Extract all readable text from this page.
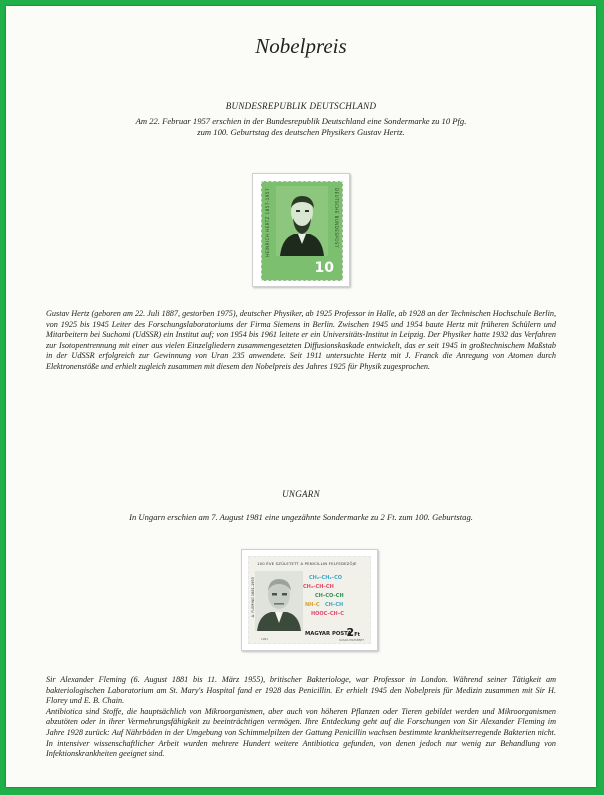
Nobelpreis
BUNDESREPUBLIK DEUTSCHLAND
Am 22. Februar 1957 erschien in der Bundesrepublik Deutschland eine Sondermarke zu 10 Pfg.
zum 100. Geburtstag des deutschen Physikers Gustav Hertz.
HEINRICH HERTZ 1857-1957	DEUTSCHE BUNDESPOST
10
Gustav Hertz (geboren am 22. Juli 1887, gestorben 1975), deutscher Physiker, ab 1925 Professor in Halle, ab 1928 an der Technischen Hochschule Berlin, von 1925 bis 1945 Leiter des Forschungslaboratoriums der Firma Siemens in Berlin. Zwischen 1945 und 1954 baute Hertz mit früheren Schülern und Mitarbeitern bei Suchomi (UdSSR) ein Institut auf; von 1954 bis 1961 leitete er ein Universitäts-Institut in Leipzig. Der Physiker hatte 1932 das Verfahren zur Isotopentrennung mit einer aus vielen Einzelgliedern zusammengesetzten Diffusionskaskade entwickelt, das er seit 1945 in großtechnischem Maßstab in der UdSSR erfolgreich zur Gewinnung von Uran 235 anwendete. Seit 1911 untersuchte Hertz mit J. Franck die Anregung von Atomen durch Elektronenstöße und erhielt zugleich zusammen mit diesem den Nobelpreis des Jahres 1925 für Physik zugesprochen.
UNGARN
In Ungarn erschien am 7. August 1981 eine ungezähnte Sondermarke zu 2 Ft. zum 100. Geburtstag.
100 ÉVE SZÜLETETT A PENICILLIN FELFEDEZŐJE
A. FLEMING 1881-1955	CH₂–CH₂–CO
CH₃–CH–CH
CH–CO–CH
NH–C CH–CH
HOOC–CH–C
MAGYAR POSTA
2Ft
1981	KASZA ERZSÉBET
Sir Alexander Fleming (6. August 1881 bis 11. März 1955), britischer Bakteriologe, war Professor in London. Während seiner Tätigkeit am bakteriologischen Laboratorium am St. Mary's Hospital fand er 1928 das Penicillin. Er erhielt 1945 den Nobelpreis für Medizin zusammen mit Sir H. Florey und E. B. Chain.
Antibiotica sind Stoffe, die hauptsächlich von Mikroorganismen, aber auch von höheren Pflanzen oder Tieren gebildet werden und Mikroorganismen abzutöten oder in ihrer Vermehrungsfähigkeit zu beeinträchtigen vermögen. Ihre Entdeckung geht auf die Forschungen von Sir Alexander Fleming im Jahre 1928 zurück: Auf Nährböden in der Umgebung von Schimmelpilzen der Gattung Penicillin wachsen bestimmte krankheitserregende Bakterien nicht. In intensiver wissenschaftlicher Arbeit wurden mehrere Hundert weitere Antibiotica gefunden, von denen jedoch nur wenig zur Behandlung von Infektionskrankheiten geeignet sind.
